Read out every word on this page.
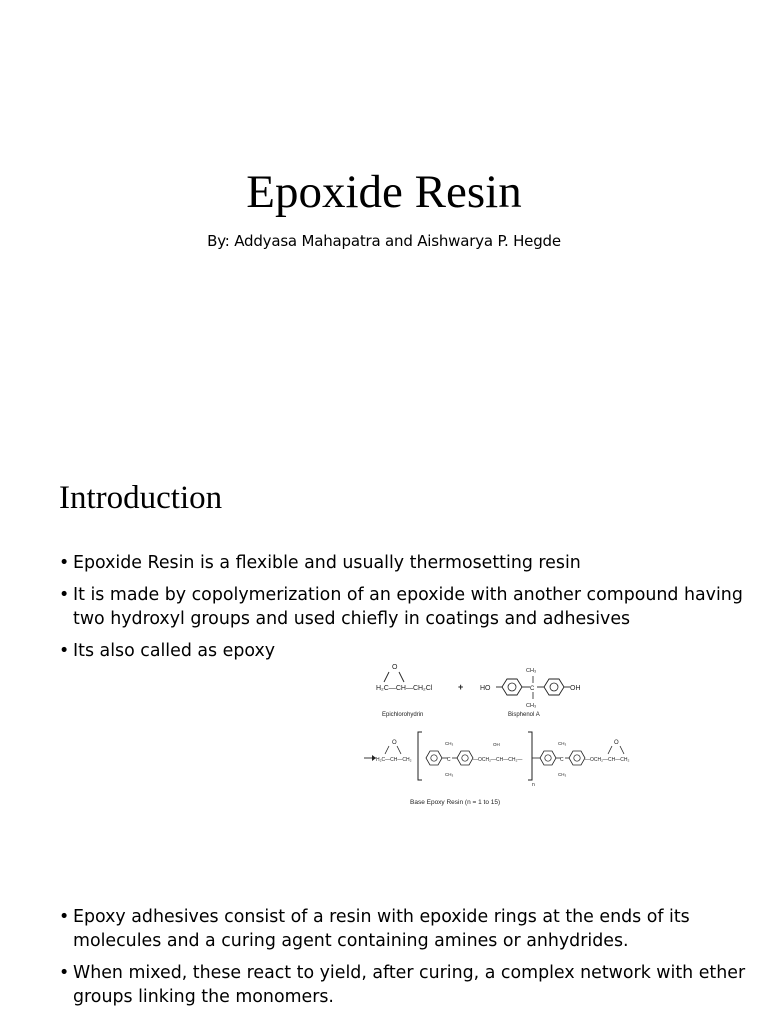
Epoxide Resin
By: Addyasa Mahapatra and Aishwarya P. Hegde
Introduction
• Epoxide Resin is a flexible and usually thermosetting resin
• It is made by copolymerization of an epoxide with another compound having two hydroxyl groups and used chiefly in coatings and adhesives
• Its also called as epoxy
O
H₂C—CH—CH₂Cl
Epichlorohydrin
+ HO	C
CH₃
CH₃
OH
Bisphenol A
O
H₂C—CH—CH₂	C
CH₃
CH₃
—OCH₂—CH—CH₂—
OH
n
C
CH₃
CH₃
—OCH₂—CH—CH₂
O
Base Epoxy Resin (n = 1 to 15)
• Epoxy adhesives consist of a resin with epoxide rings at the ends of its molecules and a curing agent containing amines or anhydrides.
• When mixed, these react to yield, after curing, a complex network with ether groups linking the monomers.
